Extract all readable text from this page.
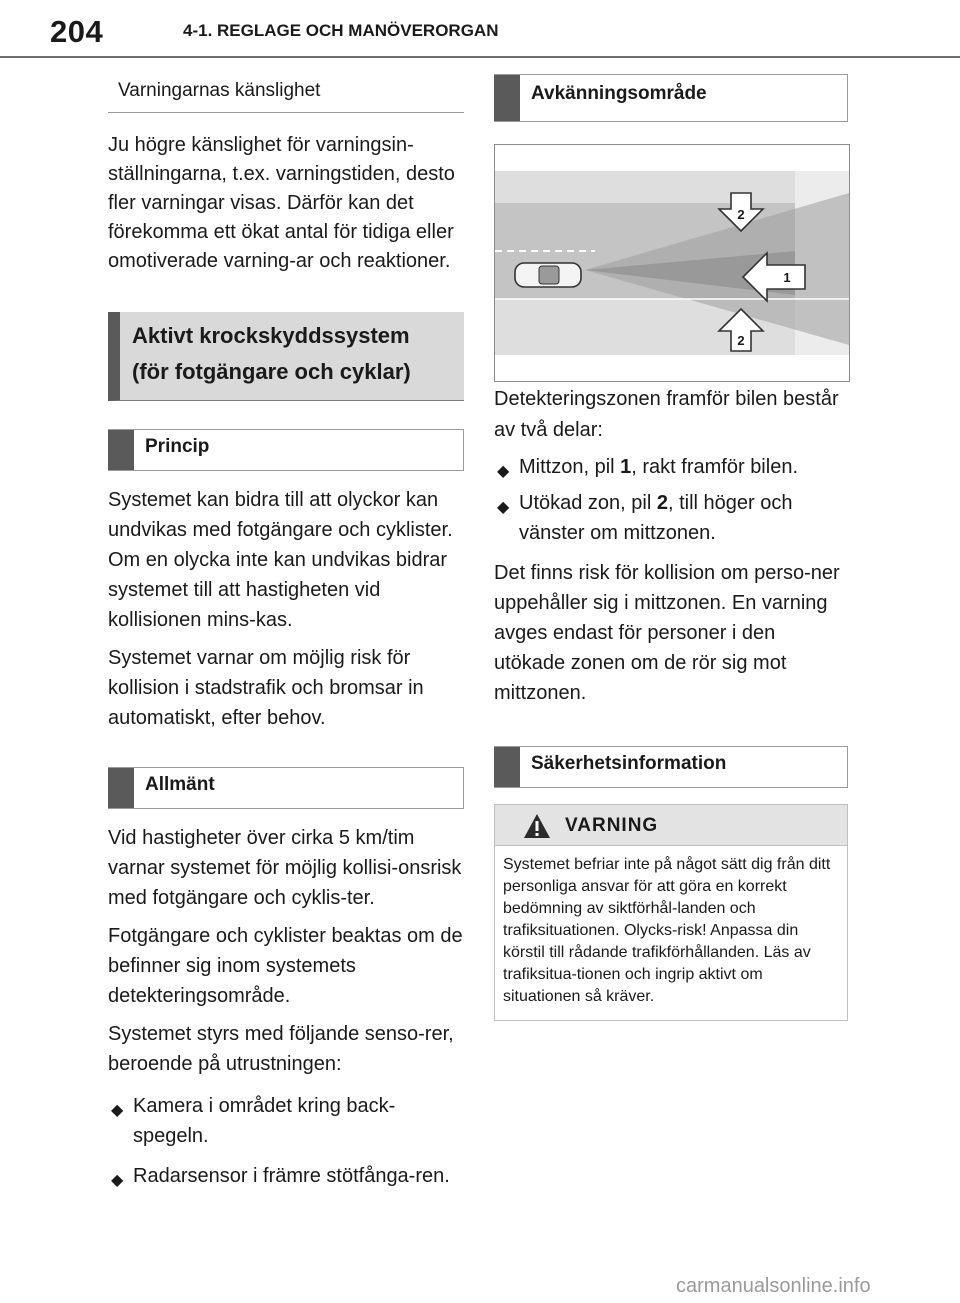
204	4-1. REGLAGE OCH MANÖVERORGAN
Varningarnas känslighet

Ju högre känslighet för varningsin-ställningarna, t.ex. varningstiden, desto fler varningar visas. Därför kan det förekomma ett ökat antal för tidiga eller omotiverade varning-ar och reaktioner.

Aktivt krockskyddssystem
(för fotgängare och cyklar)
Princip

Systemet kan bidra till att olyckor kan undvikas med fotgängare och cyklister. Om en olycka inte kan undvikas bidrar systemet till att hastigheten vid kollisionen mins-kas.

Systemet varnar om möjlig risk för kollision i stadstrafik och bromsar in automatiskt, efter behov.

Allmänt

Vid hastigheter över cirka 5 km/tim varnar systemet för möjlig kollisi-onsrisk med fotgängare och cyklis-ter.

Fotgängare och cyklister beaktas om de befinner sig inom systemets detekteringsområde.

Systemet styrs med följande senso-rer, beroende på utrustningen:

◆ Kamera i området kring back-spegeln.
◆ Radarsensor i främre stötfånga-ren.
Avkänningsområde
2
1
2

Detekteringszonen framför bilen består av två delar:

◆ Mittzon, pil 1, rakt framför bilen.
◆ Utökad zon, pil 2, till höger och vänster om mittzonen.

Det finns risk för kollision om perso-ner uppehåller sig i mittzonen. En varning avges endast för personer i den utökade zonen om de rör sig mot mittzonen.

Säkerhetsinformation
VARNING
Systemet befriar inte på något sätt dig från ditt personliga ansvar för att göra en korrekt bedömning av siktförhål-landen och trafiksituationen. Olycks-risk! Anpassa din körstil till rådande trafikförhållanden. Läs av trafiksitua-tionen och ingrip aktivt om situationen så kräver.
carmanualsonline.info
